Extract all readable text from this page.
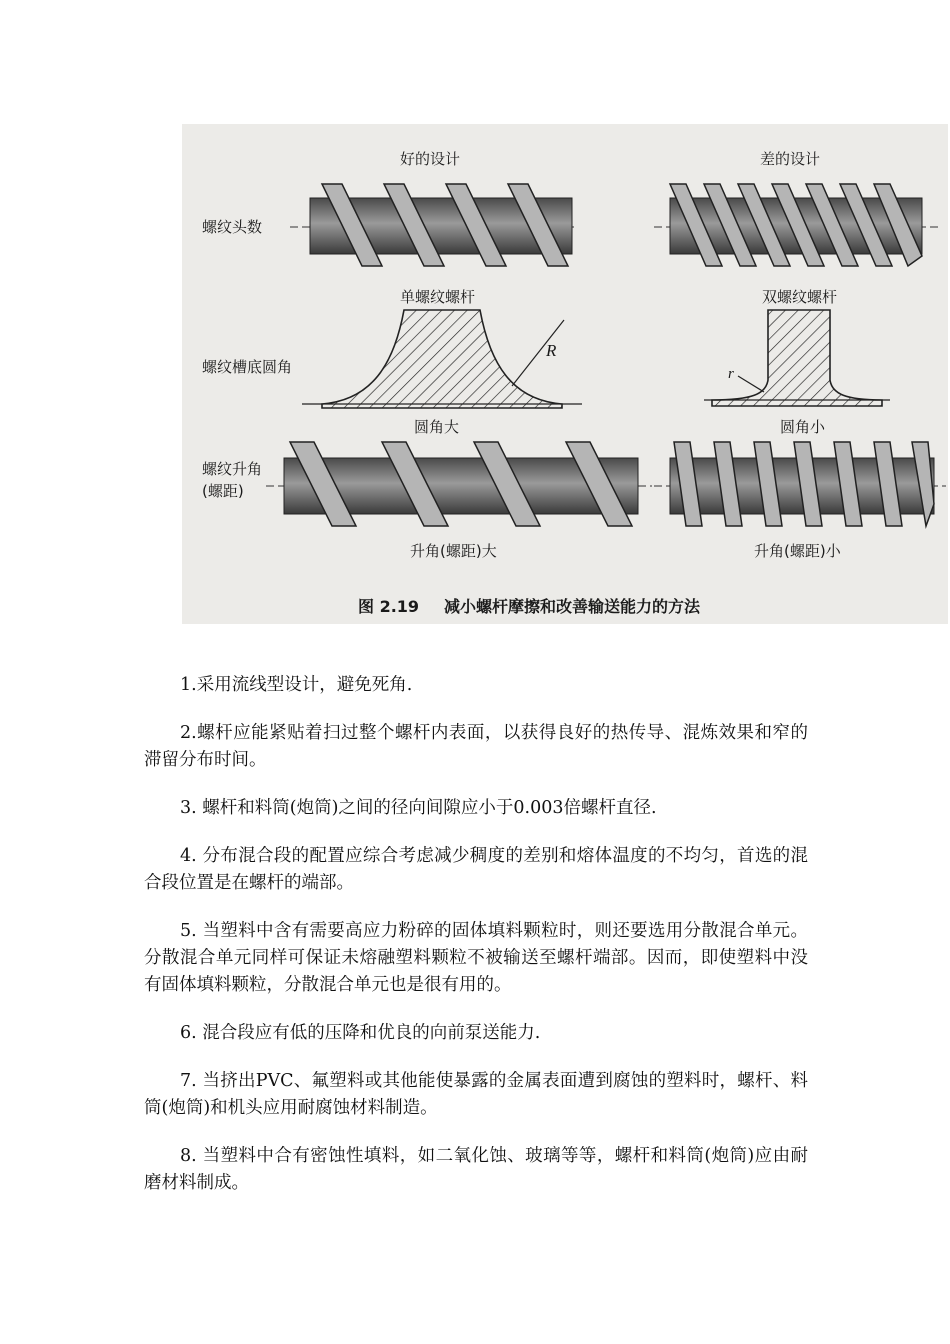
好的设计	差的设计
螺纹头数
单螺纹螺杆	双螺纹螺杆
螺纹槽底圆角
R
r
圆角大	圆角小
螺纹升角
(螺距)
升角(螺距)大	升角(螺距)小
图 2.19 减小螺杆摩擦和改善输送能力的方法

1.采用流线型设计，避免死角.

2.螺杆应能紧贴着扫过整个螺杆内表面，以获得良好的热传导、混炼效果和窄的滞留分布时间。

3. 螺杆和料筒(炮筒)之间的径向间隙应小于0.003倍螺杆直径.

4. 分布混合段的配置应综合考虑减少稠度的差别和熔体温度的不均匀，首选的混合段位置是在螺杆的端部。

5. 当塑料中含有需要高应力粉碎的固体填料颗粒时，则还要选用分散混合单元。分散混合单元同样可保证未熔融塑料颗粒不被输送至螺杆端部。因而，即使塑料中没有固体填料颗粒，分散混合单元也是很有用的。

6. 混合段应有低的压降和优良的向前泵送能力.

7. 当挤出PVC、氟塑料或其他能使暴露的金属表面遭到腐蚀的塑料时，螺杆、料筒(炮筒)和机头应用耐腐蚀材料制造。

8. 当塑料中合有密蚀性填料，如二氧化蚀、玻璃等等，螺杆和料筒(炮筒)应由耐磨材料制成。
